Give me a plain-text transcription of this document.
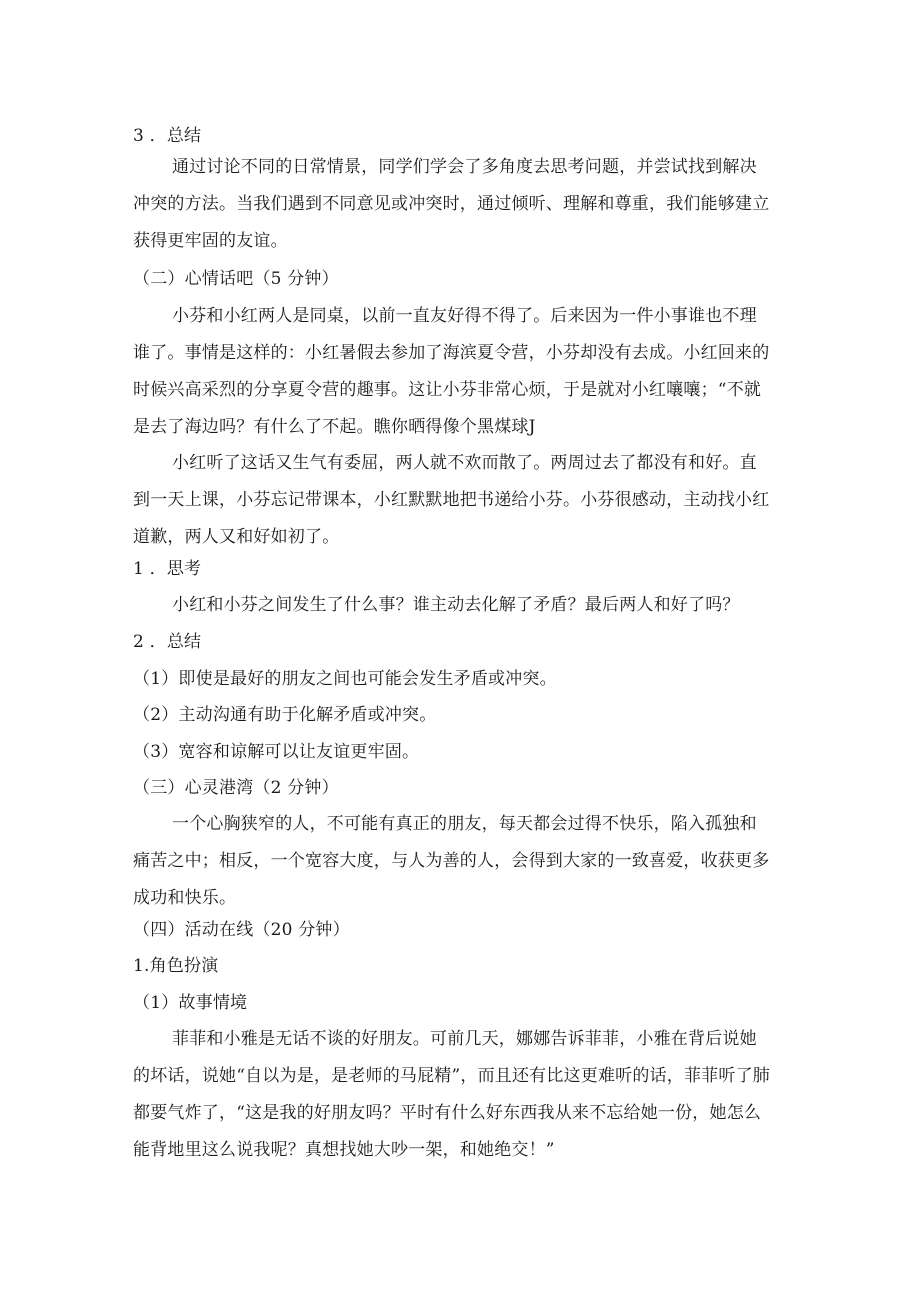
3 ．总结
通过讨论不同的日常情景，同学们学会了多角度去思考问题，并尝试找到解决冲突的方法。当我们遇到不同意见或冲突时，通过倾听、理解和尊重，我们能够建立获得更牢固的友谊。
（二）心情话吧（5 分钟）
小芬和小红两人是同桌，以前一直友好得不得了。后来因为一件小事谁也不理谁了。事情是这样的：小红暑假去参加了海滨夏令营，小芬却没有去成。小红回来的时候兴高采烈的分享夏令营的趣事。这让小芬非常心烦，于是就对小红嚷嚷；“不就是去了海边吗？有什么了不起。瞧你晒得像个黑煤球J
小红听了这话又生气有委屈，两人就不欢而散了。两周过去了都没有和好。直到一天上课，小芬忘记带课本，小红默默地把书递给小芬。小芬很感动，主动找小红道歉，两人又和好如初了。
1 ．思考
小红和小芬之间发生了什么事？谁主动去化解了矛盾？最后两人和好了吗？
2 ．总结
（1）即使是最好的朋友之间也可能会发生矛盾或冲突。
（2）主动沟通有助于化解矛盾或冲突。
（3）宽容和谅解可以让友谊更牢固。
（三）心灵港湾（2 分钟）
一个心胸狭窄的人，不可能有真正的朋友，每天都会过得不快乐，陷入孤独和痛苦之中；相反，一个宽容大度，与人为善的人，会得到大家的一致喜爱，收获更多成功和快乐。
（四）活动在线（20 分钟）
1.角色扮演
（1）故事情境
菲菲和小雅是无话不谈的好朋友。可前几天，娜娜告诉菲菲，小雅在背后说她的坏话，说她“自以为是，是老师的马屁精”，而且还有比这更难听的话，菲菲听了肺都要气炸了，“这是我的好朋友吗？平时有什么好东西我从来不忘给她一份，她怎么能背地里这么说我呢？真想找她大吵一架，和她绝交！”
